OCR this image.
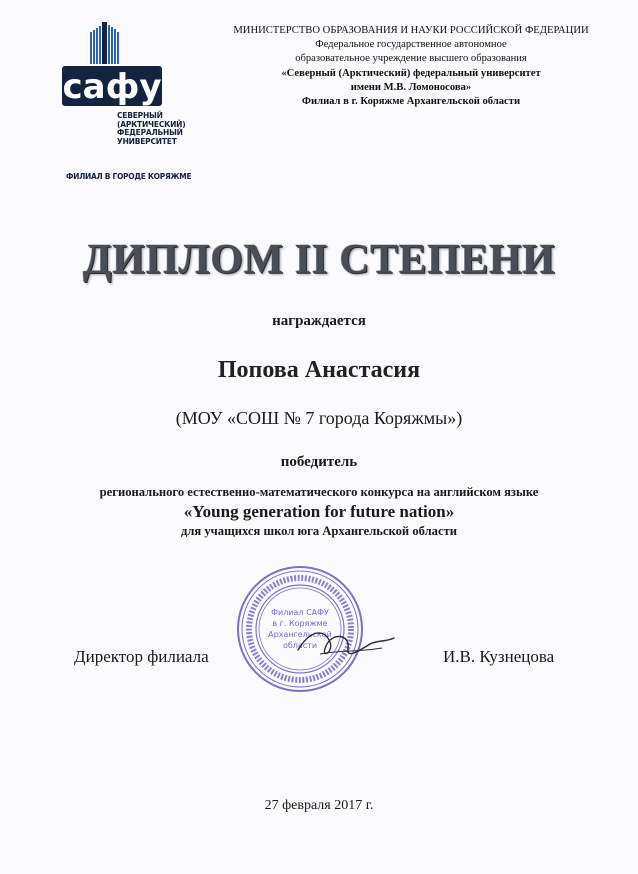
сафу
СЕВЕРНЫЙ
(АРКТИЧЕСКИЙ)
ФЕДЕРАЛЬНЫЙ
УНИВЕРСИТЕТ
ФИЛИАЛ В ГОРОДЕ КОРЯЖМЕ
МИНИСТЕРСТВО ОБРАЗОВАНИЯ И НАУКИ РОССИЙСКОЙ ФЕДЕРАЦИИ
Федеральное государственное автономное
образовательное учреждение высшего образования
«Северный (Арктический) федеральный университет
имени М.В. Ломоносова»
Филиал в г. Коряжме Архангельской области
ДИПЛОМ II СТЕПЕНИ
награждается
Попова Анастасия
(МОУ «СОШ № 7 города Коряжмы»)
победитель
регионального естественно-математического конкурса на английском языке
«Young generation for future nation»
для учащихся школ юга Архангельской области
Филиал САФУ
в г. Коряжме
Архангельской
области
Директор филиала	И.В. Кузнецова
27 февраля 2017 г.
